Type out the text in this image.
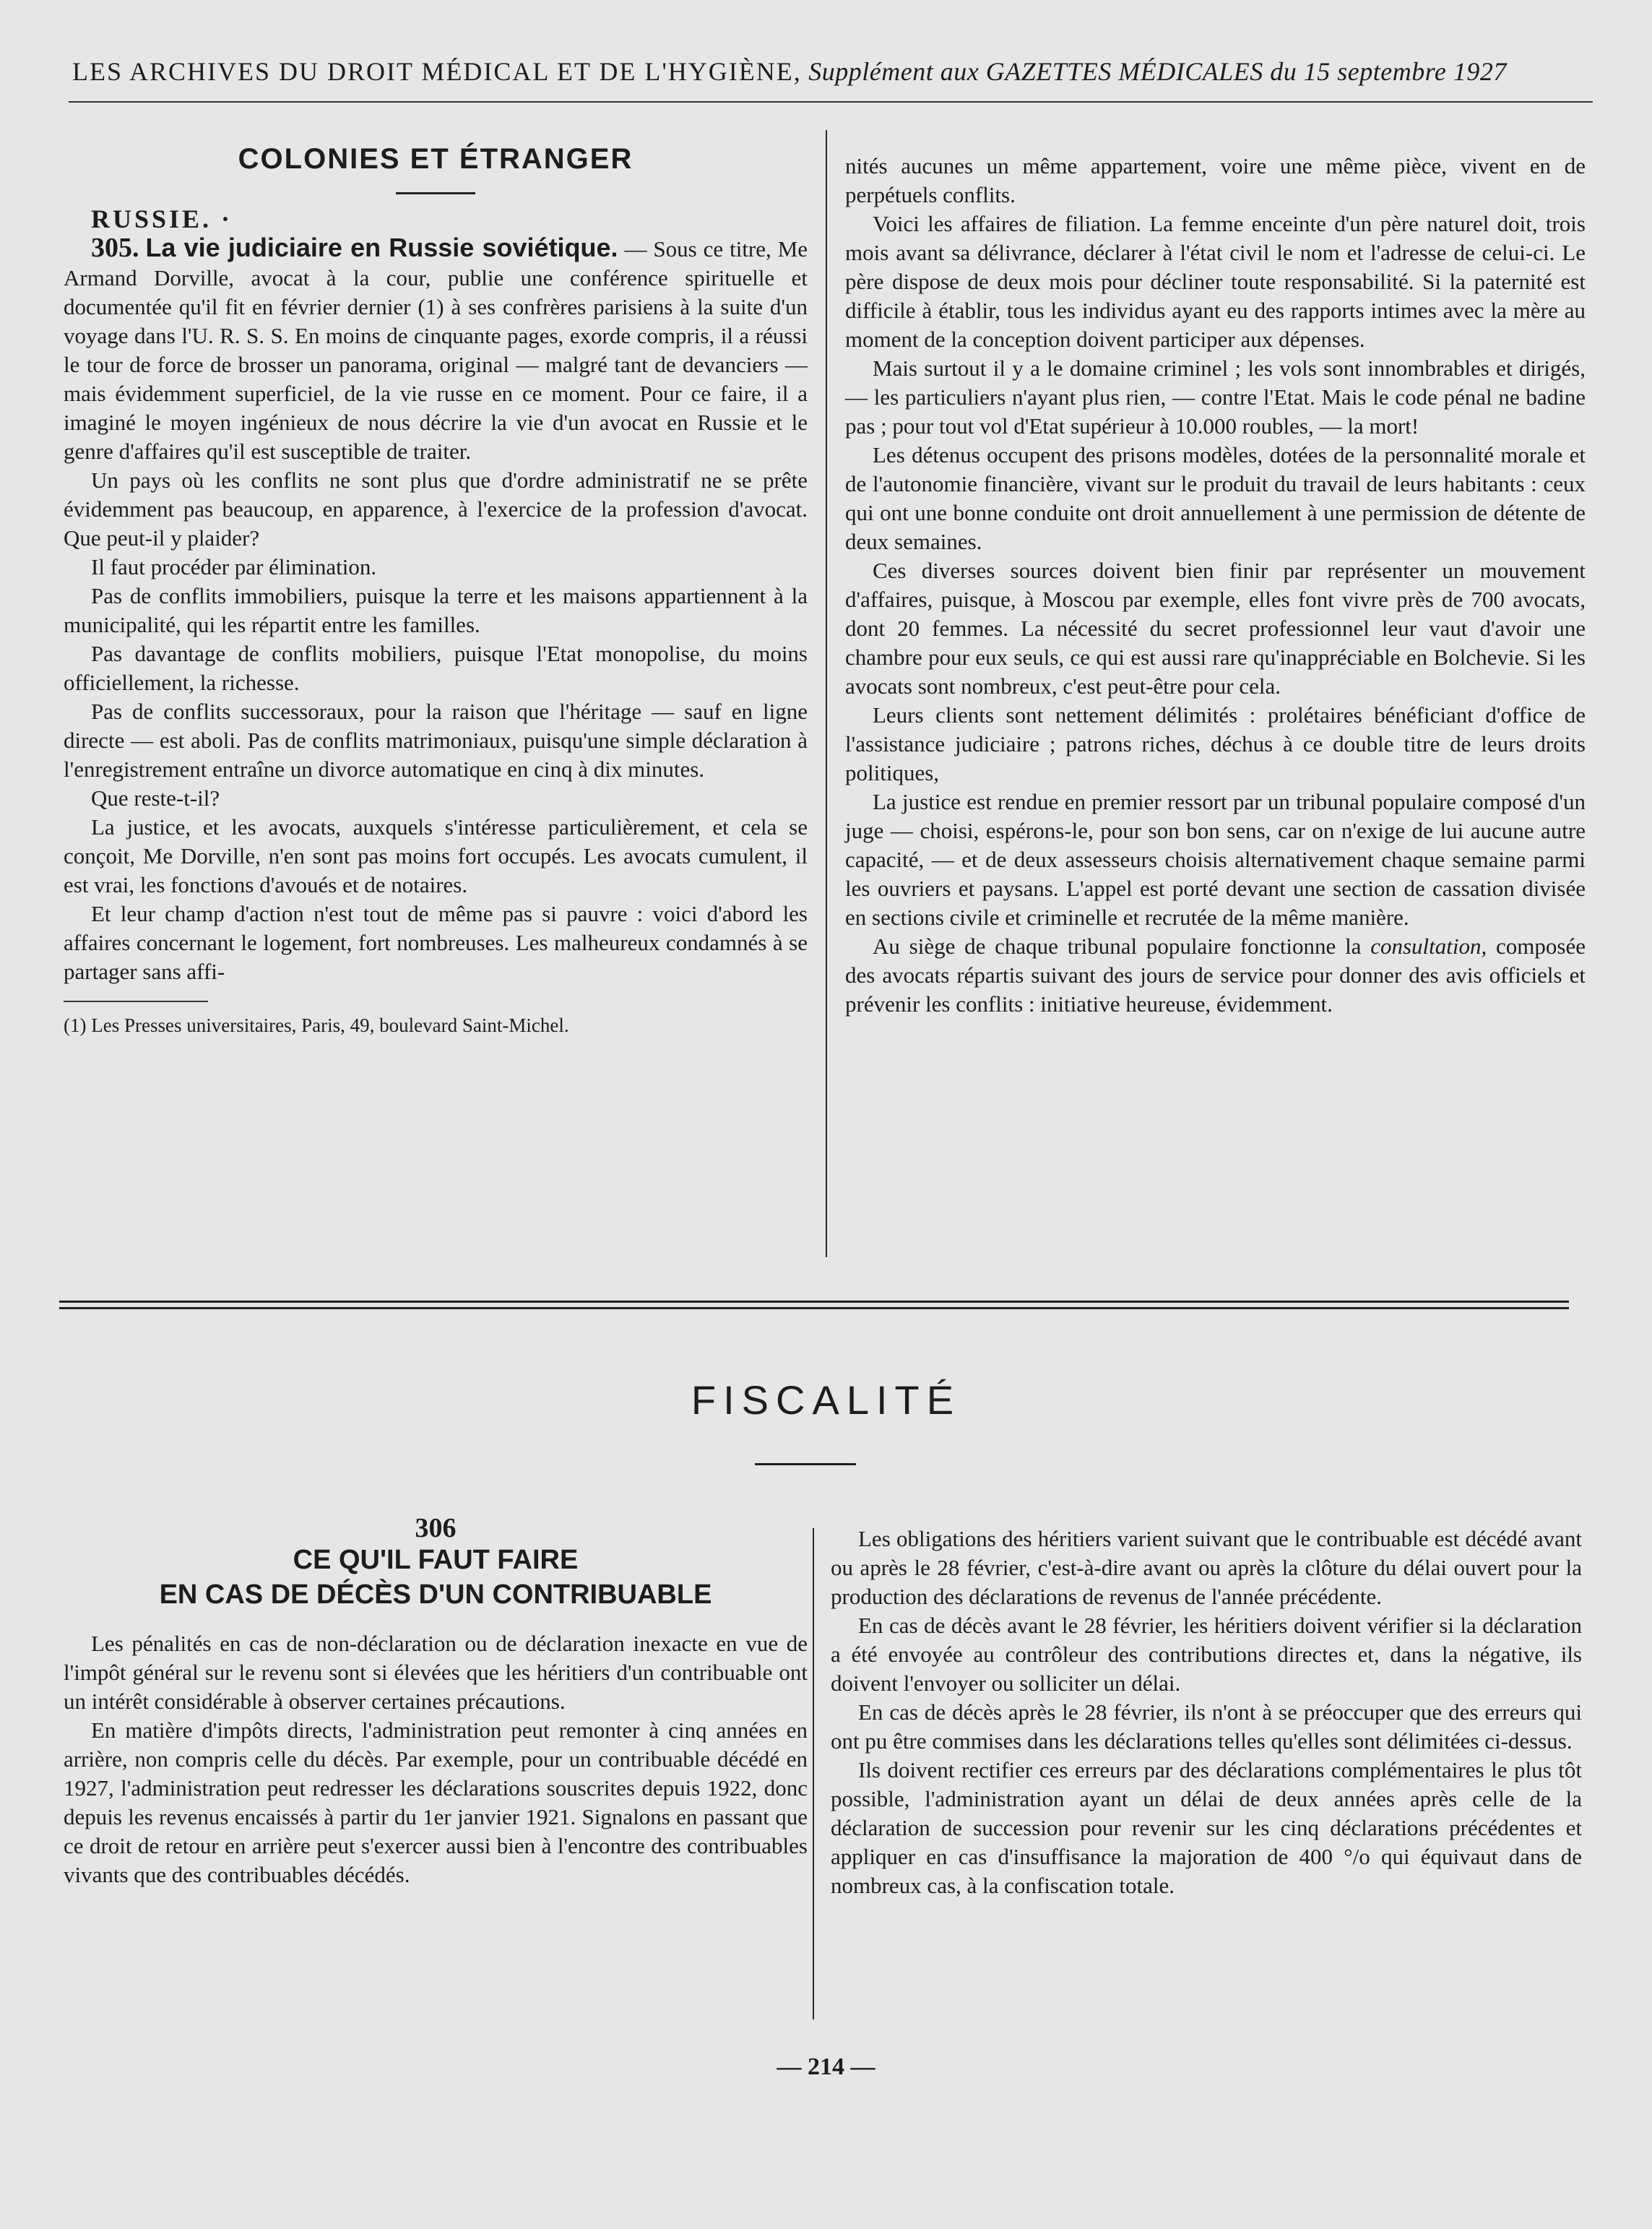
LES ARCHIVES DU DROIT MÉDICAL ET DE L'HYGIÈNE, Supplément aux GAZETTES MÉDICALES du 15 septembre 1927
COLONIES ET ÉTRANGER

RUSSIE. ·

305. La vie judiciaire en Russie soviétique. — Sous ce titre, Me Armand Dorville, avocat à la cour, publie une conférence spirituelle et documentée qu'il fit en février dernier (1) à ses confrères parisiens à la suite d'un voyage dans l'U. R. S. S. En moins de cinquante pages, exorde compris, il a réussi le tour de force de brosser un panorama, original — malgré tant de devanciers — mais évidemment superficiel, de la vie russe en ce moment. Pour ce faire, il a imaginé le moyen ingénieux de nous décrire la vie d'un avocat en Russie et le genre d'affaires qu'il est susceptible de traiter.

Un pays où les conflits ne sont plus que d'ordre administratif ne se prête évidemment pas beaucoup, en apparence, à l'exercice de la profession d'avocat. Que peut-il y plaider?

Il faut procéder par élimination.

Pas de conflits immobiliers, puisque la terre et les maisons appartiennent à la municipalité, qui les répartit entre les familles.

Pas davantage de conflits mobiliers, puisque l'Etat monopolise, du moins officiellement, la richesse.

Pas de conflits successoraux, pour la raison que l'héritage — sauf en ligne directe — est aboli. Pas de conflits matrimoniaux, puisqu'une simple déclaration à l'enregistrement entraîne un divorce automatique en cinq à dix minutes.

Que reste-t-il?

La justice, et les avocats, auxquels s'intéresse particulièrement, et cela se conçoit, Me Dorville, n'en sont pas moins fort occupés. Les avocats cumulent, il est vrai, les fonctions d'avoués et de notaires.

Et leur champ d'action n'est tout de même pas si pauvre : voici d'abord les affaires concernant le logement, fort nombreuses. Les malheureux condamnés à se partager sans affi-

(1) Les Presses universitaires, Paris, 49, boulevard Saint-Michel.

nités aucunes un même appartement, voire une même pièce, vivent en de perpétuels conflits.

Voici les affaires de filiation. La femme enceinte d'un père naturel doit, trois mois avant sa délivrance, déclarer à l'état civil le nom et l'adresse de celui-ci. Le père dispose de deux mois pour décliner toute responsabilité. Si la paternité est difficile à établir, tous les individus ayant eu des rapports intimes avec la mère au moment de la conception doivent participer aux dépenses.

Mais surtout il y a le domaine criminel ; les vols sont innombrables et dirigés, — les particuliers n'ayant plus rien, — contre l'Etat. Mais le code pénal ne badine pas ; pour tout vol d'Etat supérieur à 10.000 roubles, — la mort!

Les détenus occupent des prisons modèles, dotées de la personnalité morale et de l'autonomie financière, vivant sur le produit du travail de leurs habitants : ceux qui ont une bonne conduite ont droit annuellement à une permission de détente de deux semaines.

Ces diverses sources doivent bien finir par représenter un mouvement d'affaires, puisque, à Moscou par exemple, elles font vivre près de 700 avocats, dont 20 femmes. La nécessité du secret professionnel leur vaut d'avoir une chambre pour eux seuls, ce qui est aussi rare qu'inappréciable en Bolchevie. Si les avocats sont nombreux, c'est peut-être pour cela.

Leurs clients sont nettement délimités : prolétaires bénéficiant d'office de l'assistance judiciaire ; patrons riches, déchus à ce double titre de leurs droits politiques,

La justice est rendue en premier ressort par un tribunal populaire composé d'un juge — choisi, espérons-le, pour son bon sens, car on n'exige de lui aucune autre capacité, — et de deux assesseurs choisis alternativement chaque semaine parmi les ouvriers et paysans. L'appel est porté devant une section de cassation divisée en sections civile et criminelle et recrutée de la même manière.

Au siège de chaque tribunal populaire fonctionne la consultation, composée des avocats répartis suivant des jours de service pour donner des avis officiels et prévenir les conflits : initiative heureuse, évidemment.

FISCALITÉ

306

CE QU'IL FAUT FAIRE
EN CAS DE DÉCÈS D'UN CONTRIBUABLE

Les pénalités en cas de non-déclaration ou de déclaration inexacte en vue de l'impôt général sur le revenu sont si élevées que les héritiers d'un contribuable ont un intérêt considérable à observer certaines précautions.

En matière d'impôts directs, l'administration peut remonter à cinq années en arrière, non compris celle du décès. Par exemple, pour un contribuable décédé en 1927, l'administration peut redresser les déclarations souscrites depuis 1922, donc depuis les revenus encaissés à partir du 1er janvier 1921. Signalons en passant que ce droit de retour en arrière peut s'exercer aussi bien à l'encontre des contribuables vivants que des contribuables décédés.

Les obligations des héritiers varient suivant que le contribuable est décédé avant ou après le 28 février, c'est-à-dire avant ou après la clôture du délai ouvert pour la production des déclarations de revenus de l'année précédente.

En cas de décès avant le 28 février, les héritiers doivent vérifier si la déclaration a été envoyée au contrôleur des contributions directes et, dans la négative, ils doivent l'envoyer ou solliciter un délai.

En cas de décès après le 28 février, ils n'ont à se préoccuper que des erreurs qui ont pu être commises dans les déclarations telles qu'elles sont délimitées ci-dessus.

Ils doivent rectifier ces erreurs par des déclarations complémentaires le plus tôt possible, l'administration ayant un délai de deux années après celle de la déclaration de succession pour revenir sur les cinq déclarations précédentes et appliquer en cas d'insuffisance la majoration de 400 °/o qui équivaut dans de nombreux cas, à la confiscation totale.

— 214 —
